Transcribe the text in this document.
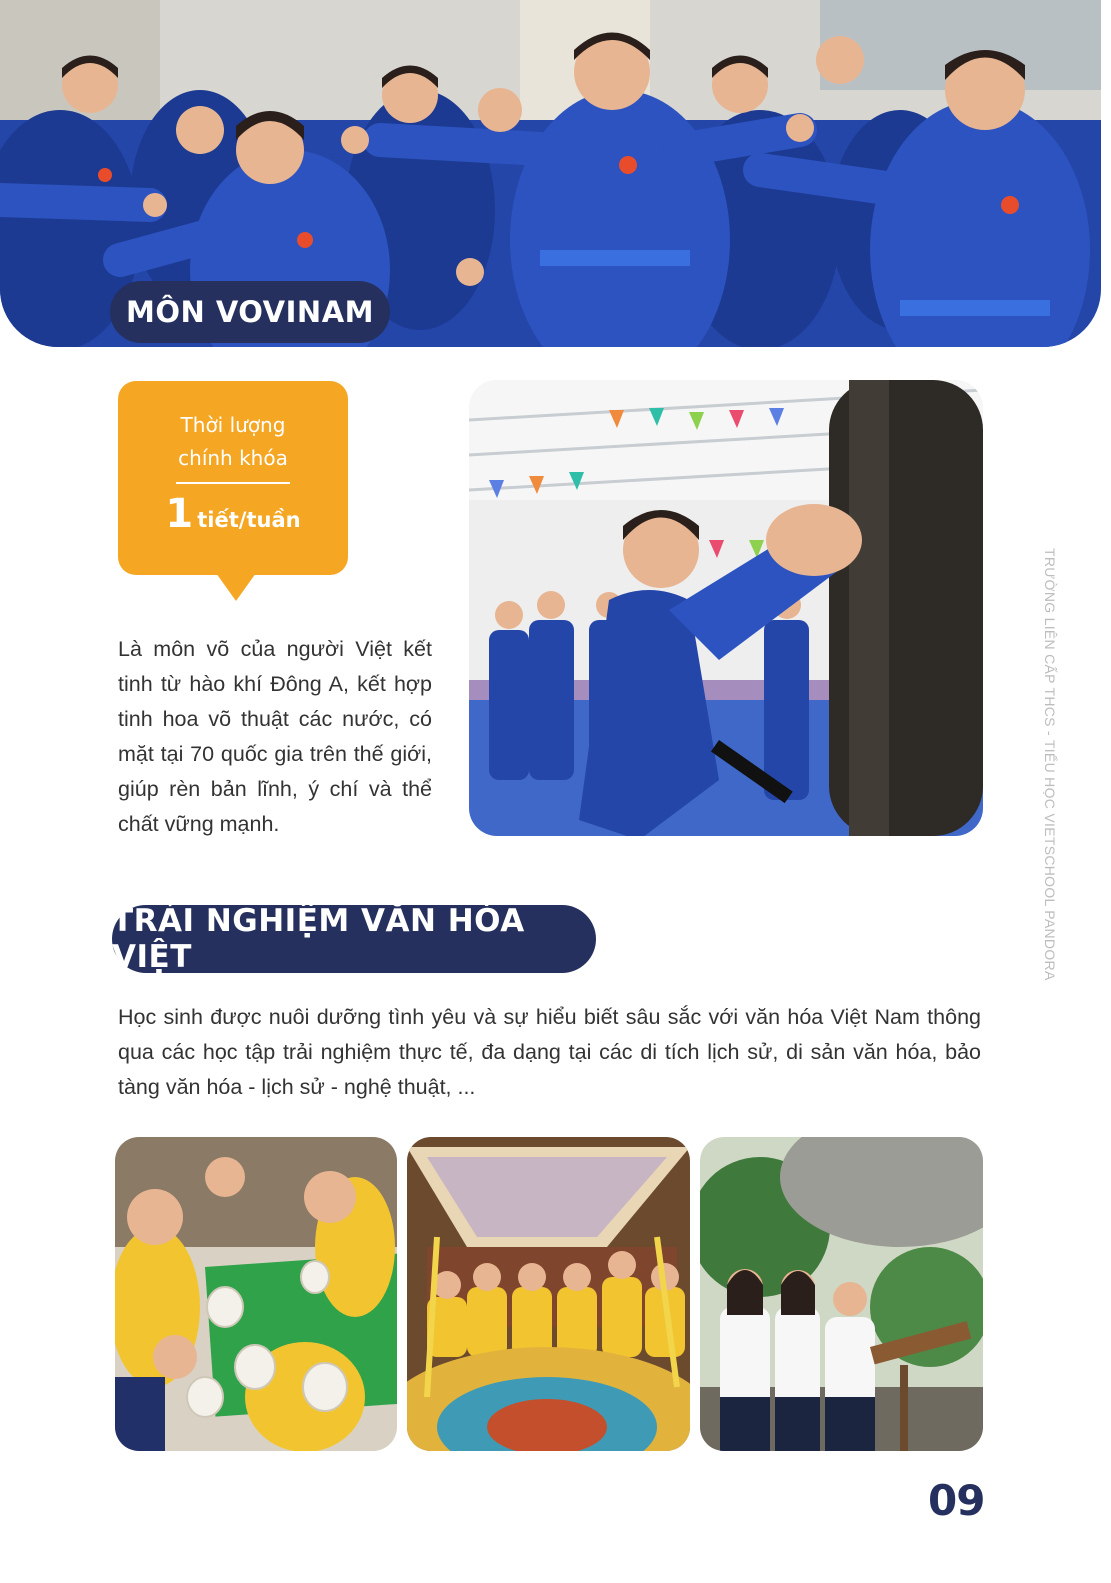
MÔN VOVINAM
Thời lượng
chính khóa
1 tiết/tuần
Là môn võ của người Việt kết tinh từ hào khí Đông A, kết hợp tinh hoa võ thuật các nước, có mặt tại 70 quốc gia trên thế giới, giúp rèn bản lĩnh, ý chí và thể chất vững mạnh.
TRẢI NGHIỆM VĂN HÓA VIỆT
Học sinh được nuôi dưỡng tình yêu và sự hiểu biết sâu sắc với văn hóa Việt Nam thông qua các học tập trải nghiệm thực tế, đa dạng tại các di tích lịch sử, di sản văn hóa, bảo tàng văn hóa - lịch sử - nghệ thuật, ...
TRƯỜNG LIÊN CẤP THCS - TIỂU HỌC VIETSCHOOL PANDORA
09
